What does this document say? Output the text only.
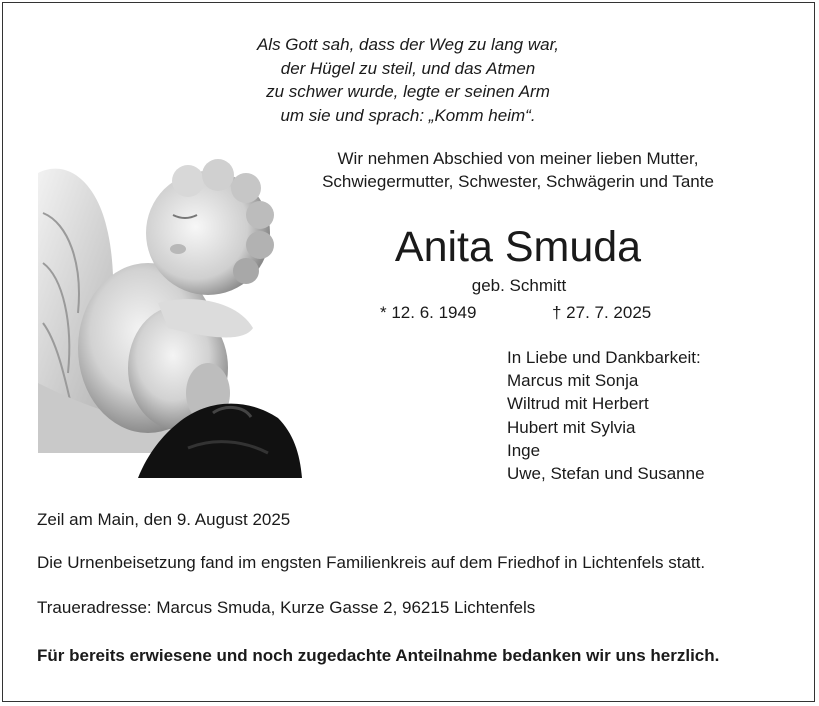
Als Gott sah, dass der Weg zu lang war,
der Hügel zu steil, und das Atmen
zu schwer wurde, legte er seinen Arm
um sie und sprach: „Komm heim“.
Wir nehmen Abschied von meiner lieben Mutter,
Schwiegermutter, Schwester, Schwägerin und Tante
Anita Smuda
geb. Schmitt
* 12. 6. 1949	† 27. 7. 2025
In Liebe und Dankbarkeit:
Marcus mit Sonja
Wiltrud mit Herbert
Hubert mit Sylvia
Inge
Uwe, Stefan und Susanne
Zeil am Main, den 9. August 2025
Die Urnenbeisetzung fand im engsten Familienkreis auf dem Friedhof in Lichtenfels statt.
Traueradresse: Marcus Smuda, Kurze Gasse 2, 96215 Lichtenfels
Für bereits erwiesene und noch zugedachte Anteilnahme bedanken wir uns herzlich.
